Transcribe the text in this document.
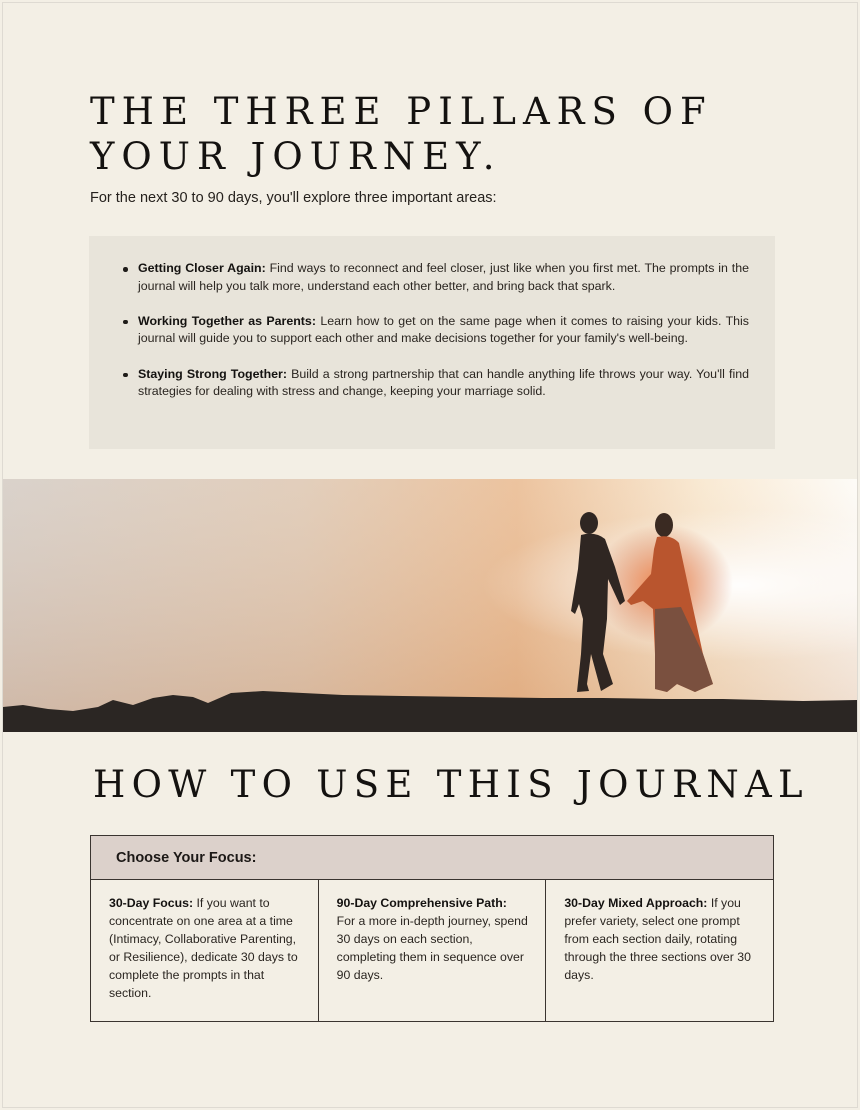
THE THREE PILLARS OF
YOUR JOURNEY.

For the next 30 to 90 days, you'll explore three important areas:

Getting Closer Again: Find ways to reconnect and feel closer, just like when you first met. The prompts in the journal will help you talk more, understand each other better, and bring back that spark.
Working Together as Parents: Learn how to get on the same page when it comes to raising your kids. This journal will guide you to support each other and make decisions together for your family's well-being.
Staying Strong Together: Build a strong partnership that can handle anything life throws your way. You'll find strategies for dealing with stress and change, keeping your marriage solid.
HOW TO USE THIS JOURNAL
Choose Your Focus:
30-Day Focus: If you want to concentrate on one area at a time (Intimacy, Collaborative Parenting, or Resilience), dedicate 30 days to complete the prompts in that section.
90-Day Comprehensive Path: For a more in-depth journey, spend 30 days on each section, completing them in sequence over 90 days.
30-Day Mixed Approach: If you prefer variety, select one prompt from each section daily, rotating through the three sections over 30 days.
